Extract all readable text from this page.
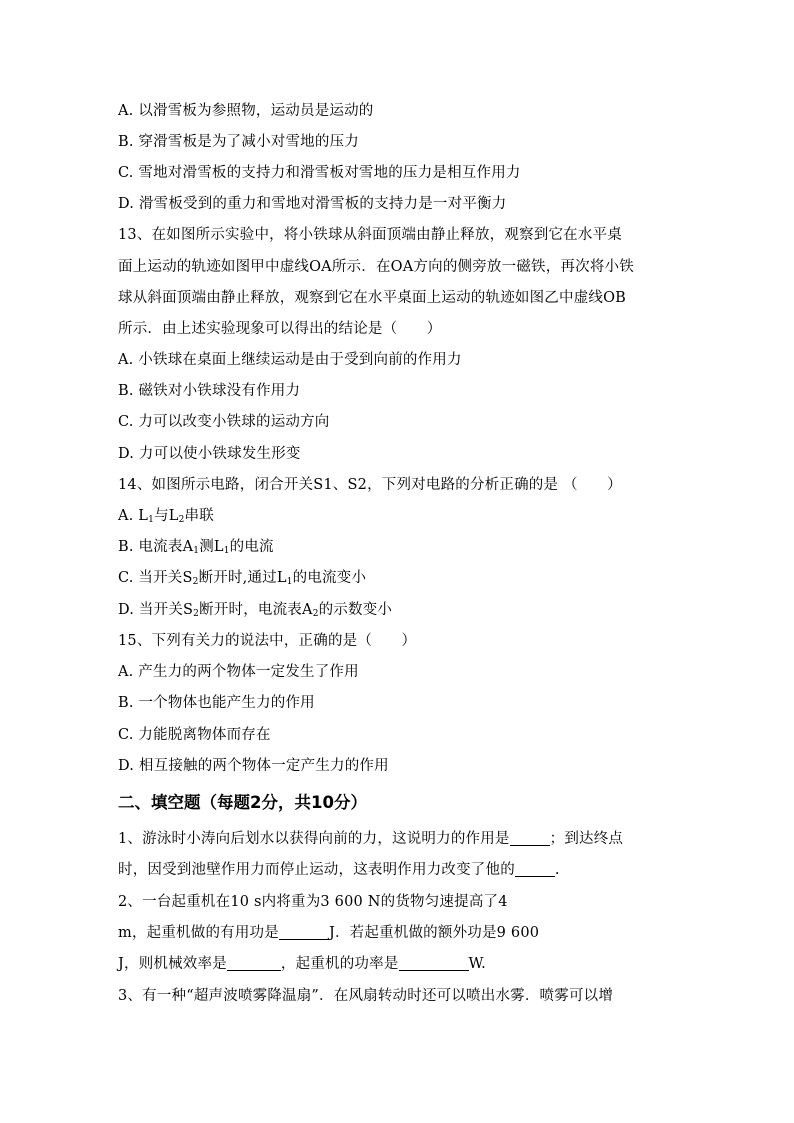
A. 以滑雪板为参照物，运动员是运动的
B. 穿滑雪板是为了减小对雪地的压力
C. 雪地对滑雪板的支持力和滑雪板对雪地的压力是相互作用力
D. 滑雪板受到的重力和雪地对滑雪板的支持力是一对平衡力
13、在如图所示实验中，将小铁球从斜面顶端由静止释放，观察到它在水平桌
面上运动的轨迹如图甲中虚线OA所示．在OA方向的侧旁放一磁铁，再次将小铁
球从斜面顶端由静止释放，观察到它在水平桌面上运动的轨迹如图乙中虚线OB
所示．由上述实验现象可以得出的结论是（　　）
A. 小铁球在桌面上继续运动是由于受到向前的作用力
B. 磁铁对小铁球没有作用力
C. 力可以改变小铁球的运动方向
D. 力可以使小铁球发生形变
14、如图所示电路，闭合开关S1、S2，下列对电路的分析正确的是 （　　）
A. $L_1$与$L_2$串联
B. 电流表$A_1$测$L_1$的电流
C. 当开关$S_2$断开时,通过$L_1$的电流变小
D. 当开关$S_2$断开时，电流表$A_2$的示数变小
15、下列有关力的说法中，正确的是（　　）
A. 产生力的两个物体一定发生了作用
B. 一个物体也能产生力的作用
C. 力能脱离物体而存在
D. 相互接触的两个物体一定产生力的作用
二、填空题（每题2分，共10分）
1、游泳时小涛向后划水以获得向前的力，这说明力的作用是	；到达终点
时，因受到池壁作用力而停止运动，这表明作用力改变了他的	.
2、一台起重机在10 s内将重为3 600 N的货物匀速提高了4
m，起重机做的有用功是	J．若起重机做的额外功是9 600
J，则机械效率是	，起重机的功率是	W.
3、有一种“超声波喷雾降温扇”．在风扇转动时还可以喷出水雾．喷雾可以增
